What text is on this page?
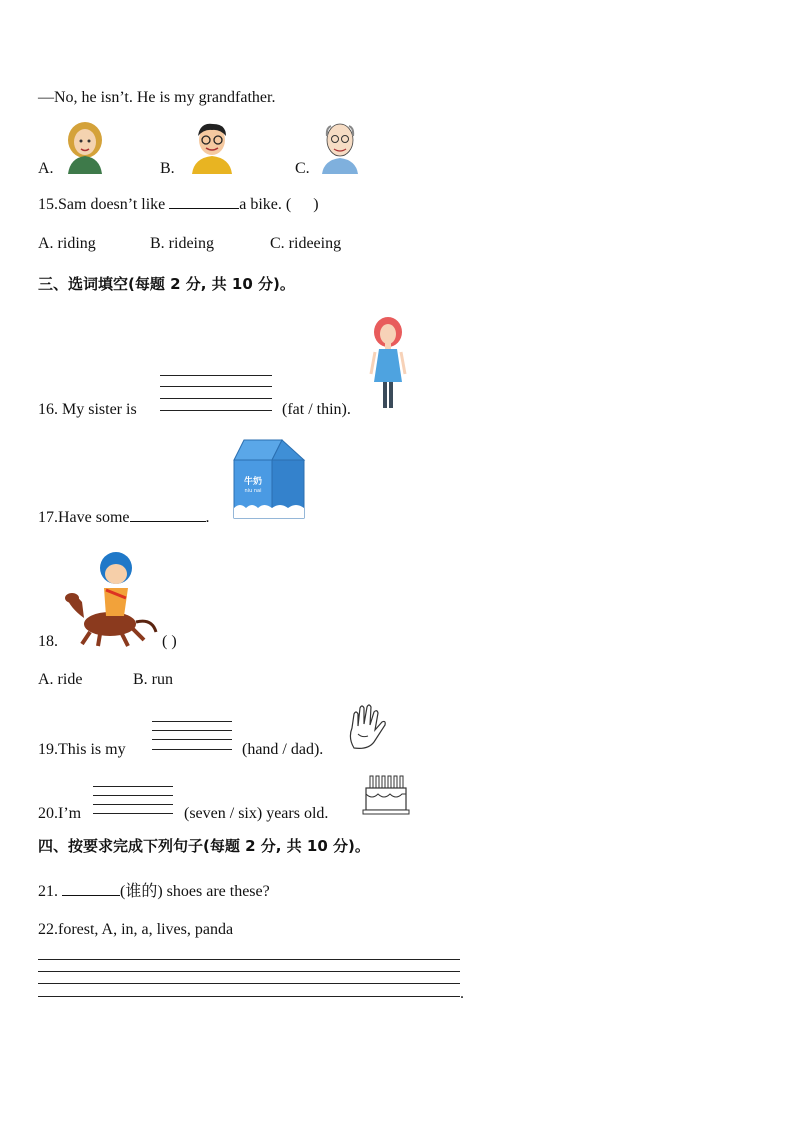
—No, he isn’t. He is my grandfather.
A.	B.	C.
15.Sam doesn’t like	a bike. ( )
A. riding	B. rideing	C. rideeing
三、选词填空(每题 2 分, 共 10 分)。
16. My sister is	(fat / thin).
17.Have some	.
牛奶
niu nai
18.	( )
A. ride	B. run
19.This is my	(hand / dad).
20.I’m	(seven / six) years old.
四、按要求完成下列句子(每题 2 分, 共 10 分)。
21.	(谁的) shoes are these?
22.forest, A, in, a, lives, panda
.
